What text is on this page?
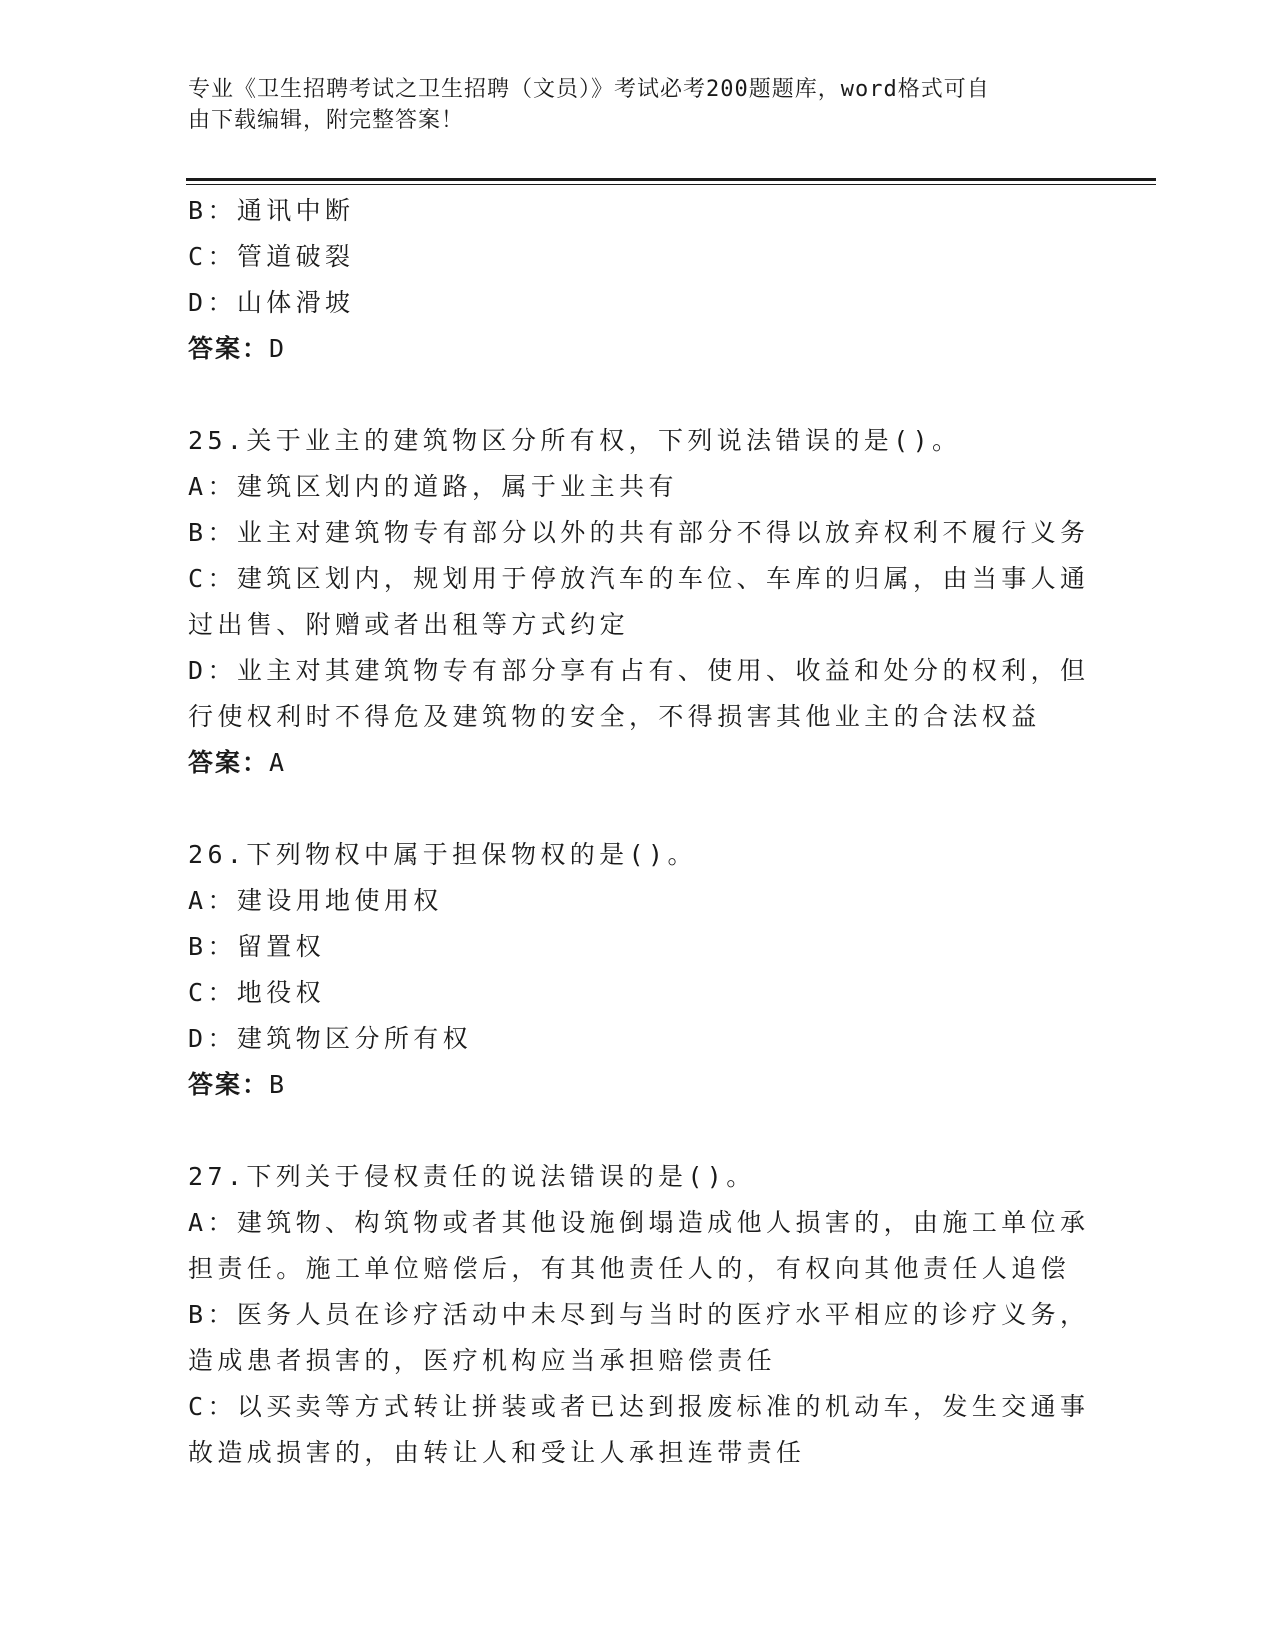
专业《卫生招聘考试之卫生招聘（文员）》考试必考200题题库，word格式可自
由下载编辑，附完整答案！
B：通讯中断
C：管道破裂
D：山体滑坡
答案：D
25.关于业主的建筑物区分所有权，下列说法错误的是()。
A：建筑区划内的道路，属于业主共有
B：业主对建筑物专有部分以外的共有部分不得以放弃权利不履行义务
C：建筑区划内，规划用于停放汽车的车位、车库的归属，由当事人通
过出售、附赠或者出租等方式约定
D：业主对其建筑物专有部分享有占有、使用、收益和处分的权利，但
行使权利时不得危及建筑物的安全，不得损害其他业主的合法权益
答案：A
26.下列物权中属于担保物权的是()。
A：建设用地使用权
B：留置权
C：地役权
D：建筑物区分所有权
答案：B
27.下列关于侵权责任的说法错误的是()。
A：建筑物、构筑物或者其他设施倒塌造成他人损害的，由施工单位承
担责任。施工单位赔偿后，有其他责任人的，有权向其他责任人追偿
B：医务人员在诊疗活动中未尽到与当时的医疗水平相应的诊疗义务，
造成患者损害的，医疗机构应当承担赔偿责任
C：以买卖等方式转让拼装或者已达到报废标准的机动车，发生交通事
故造成损害的，由转让人和受让人承担连带责任
